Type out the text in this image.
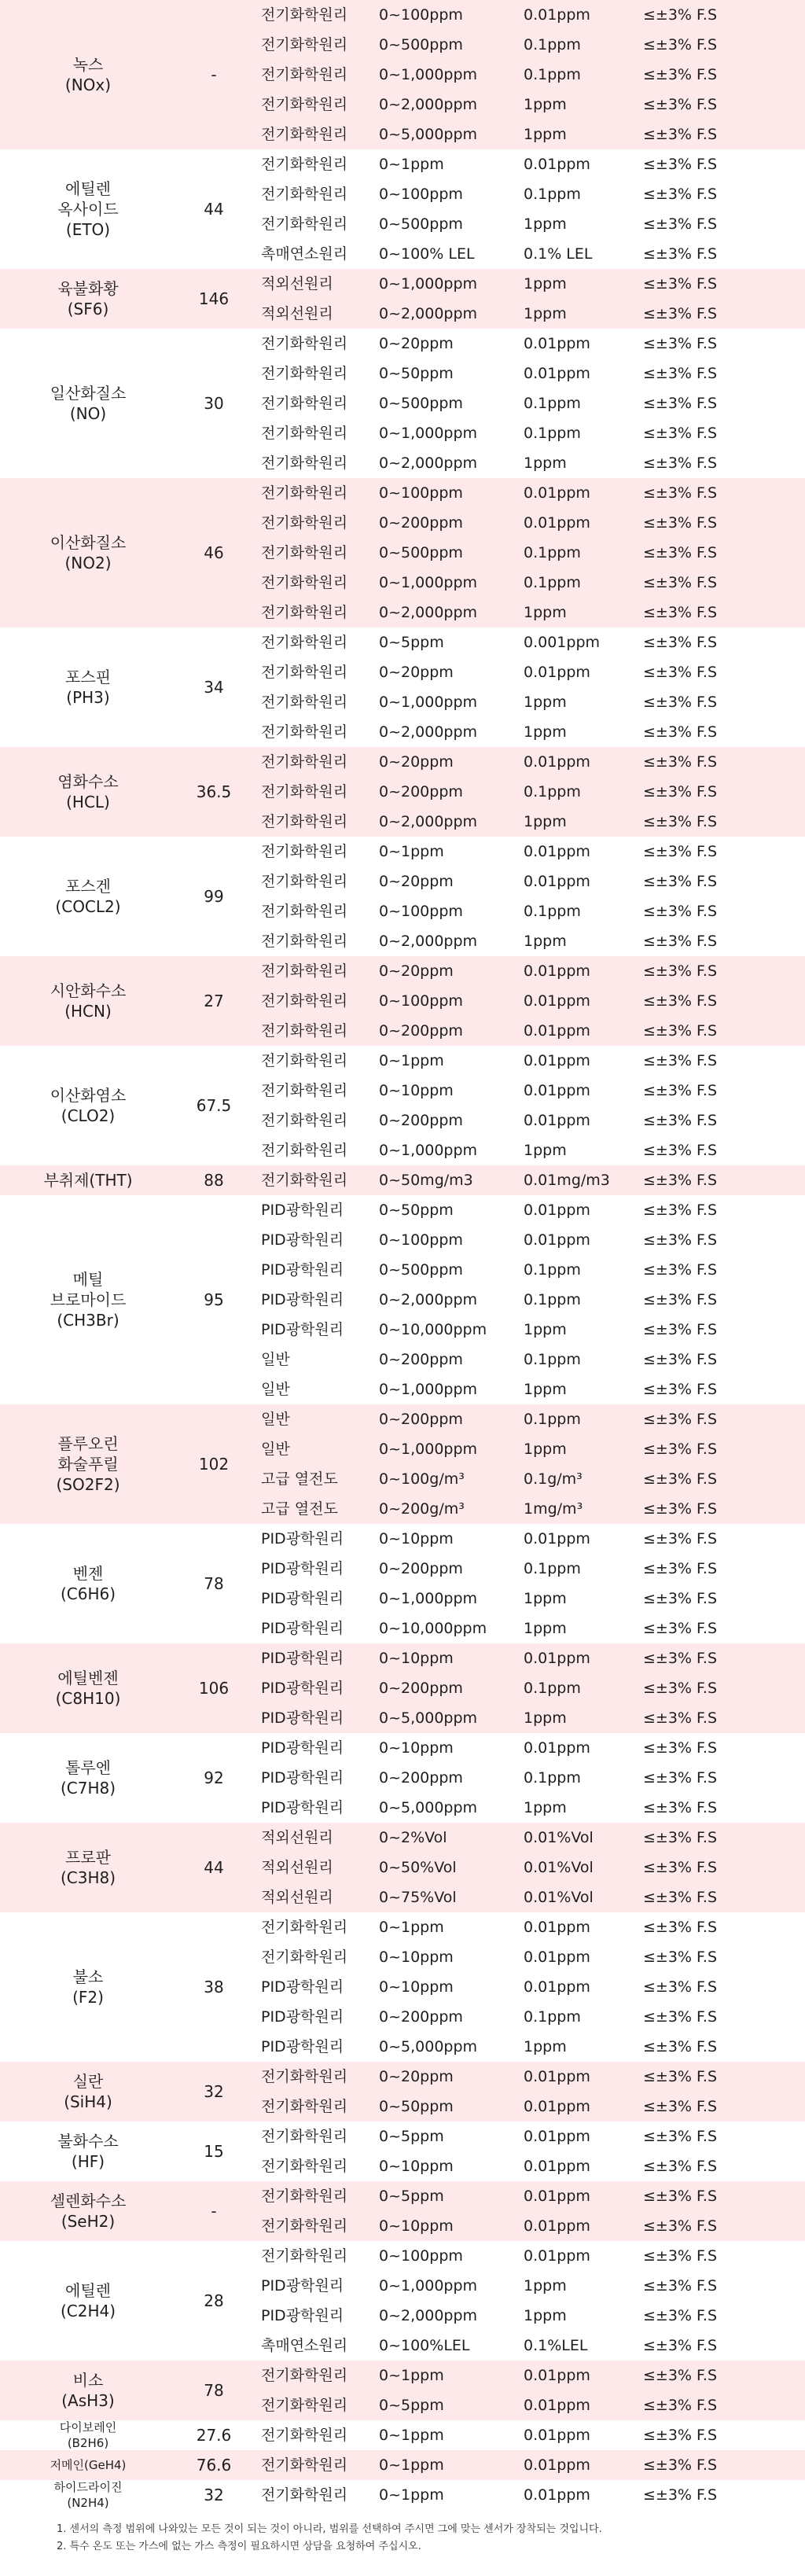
녹스
(NOx)
-
전기화학원리 0~100ppm	0.01ppm	≤±3% F.S
전기화학원리 0~500ppm	0.1ppm	≤±3% F.S
전기화학원리 0~1,000ppm	0.1ppm	≤±3% F.S
전기화학원리 0~2,000ppm	1ppm	≤±3% F.S
전기화학원리 0~5,000ppm	1ppm	≤±3% F.S
에틸렌
옥사이드
(ETO)
44
전기화학원리 0~1ppm	0.01ppm	≤±3% F.S
전기화학원리 0~100ppm	0.1ppm	≤±3% F.S
전기화학원리 0~500ppm	1ppm	≤±3% F.S
촉매연소원리 0~100% LEL	0.1% LEL	≤±3% F.S
육불화황
(SF6)
146
적외선원리	0~1,000ppm	1ppm	≤±3% F.S
적외선원리	0~2,000ppm	1ppm	≤±3% F.S
일산화질소
(NO)
30
전기화학원리 0~20ppm	0.01ppm	≤±3% F.S
전기화학원리 0~50ppm	0.01ppm	≤±3% F.S
전기화학원리 0~500ppm	0.1ppm	≤±3% F.S
전기화학원리 0~1,000ppm	0.1ppm	≤±3% F.S
전기화학원리 0~2,000ppm	1ppm	≤±3% F.S
이산화질소
(NO2)
46
전기화학원리 0~100ppm	0.01ppm	≤±3% F.S
전기화학원리 0~200ppm	0.01ppm	≤±3% F.S
전기화학원리 0~500ppm	0.1ppm	≤±3% F.S
전기화학원리 0~1,000ppm	0.1ppm	≤±3% F.S
전기화학원리 0~2,000ppm	1ppm	≤±3% F.S
포스핀
(PH3)
34
전기화학원리 0~5ppm	0.001ppm	≤±3% F.S
전기화학원리 0~20ppm	0.01ppm	≤±3% F.S
전기화학원리 0~1,000ppm	1ppm	≤±3% F.S
전기화학원리 0~2,000ppm	1ppm	≤±3% F.S
염화수소
(HCL)
36.5
전기화학원리 0~20ppm	0.01ppm	≤±3% F.S
전기화학원리 0~200ppm	0.1ppm	≤±3% F.S
전기화학원리 0~2,000ppm	1ppm	≤±3% F.S
포스겐
(COCL2)
99
전기화학원리 0~1ppm	0.01ppm	≤±3% F.S
전기화학원리 0~20ppm	0.01ppm	≤±3% F.S
전기화학원리 0~100ppm	0.1ppm	≤±3% F.S
전기화학원리 0~2,000ppm	1ppm	≤±3% F.S
시안화수소
(HCN)
27
전기화학원리 0~20ppm	0.01ppm	≤±3% F.S
전기화학원리 0~100ppm	0.01ppm	≤±3% F.S
전기화학원리 0~200ppm	0.01ppm	≤±3% F.S
이산화염소
(CLO2)
67.5
전기화학원리 0~1ppm	0.01ppm	≤±3% F.S
전기화학원리 0~10ppm	0.01ppm	≤±3% F.S
전기화학원리 0~200ppm	0.01ppm	≤±3% F.S
전기화학원리 0~1,000ppm	1ppm	≤±3% F.S
부취제(THT)	88	전기화학원리 0~50mg/m3	0.01mg/m3 ≤±3% F.S
메틸
브로마이드
(CH3Br)
95
PID광학원리 0~50ppm	0.01ppm	≤±3% F.S
PID광학원리 0~100ppm	0.01ppm	≤±3% F.S
PID광학원리 0~500ppm	0.1ppm	≤±3% F.S
PID광학원리 0~2,000ppm	0.1ppm	≤±3% F.S
PID광학원리 0~10,000ppm 1ppm	≤±3% F.S
일반	0~200ppm	0.1ppm	≤±3% F.S
일반	0~1,000ppm	1ppm	≤±3% F.S
플루오린
화술푸릴
(SO2F2)
102
일반	0~200ppm	0.1ppm	≤±3% F.S
일반	0~1,000ppm	1ppm	≤±3% F.S
고급 열전도	0~100g/m³	0.1g/m³	≤±3% F.S
고급 열전도	0~200g/m³	1mg/m³	≤±3% F.S
벤젠
(C6H6)
78
PID광학원리 0~10ppm	0.01ppm	≤±3% F.S
PID광학원리 0~200ppm	0.1ppm	≤±3% F.S
PID광학원리 0~1,000ppm	1ppm	≤±3% F.S
PID광학원리 0~10,000ppm 1ppm	≤±3% F.S
에틸벤젠
(C8H10)
106
PID광학원리 0~10ppm	0.01ppm	≤±3% F.S
PID광학원리 0~200ppm	0.1ppm	≤±3% F.S
PID광학원리 0~5,000ppm	1ppm	≤±3% F.S
톨루엔
(C7H8)
92
PID광학원리 0~10ppm	0.01ppm	≤±3% F.S
PID광학원리 0~200ppm	0.1ppm	≤±3% F.S
PID광학원리 0~5,000ppm	1ppm	≤±3% F.S
프로판
(C3H8)
44
적외선원리	0~2%Vol	0.01%Vol	≤±3% F.S
적외선원리	0~50%Vol	0.01%Vol	≤±3% F.S
적외선원리	0~75%Vol	0.01%Vol	≤±3% F.S
불소
(F2)
38
전기화학원리 0~1ppm	0.01ppm	≤±3% F.S
전기화학원리 0~10ppm	0.01ppm	≤±3% F.S
PID광학원리 0~10ppm	0.01ppm	≤±3% F.S
PID광학원리 0~200ppm	0.1ppm	≤±3% F.S
PID광학원리 0~5,000ppm	1ppm	≤±3% F.S
실란
(SiH4)
32
전기화학원리 0~20ppm	0.01ppm	≤±3% F.S
전기화학원리 0~50ppm	0.01ppm	≤±3% F.S
불화수소
(HF)
15
전기화학원리 0~5ppm	0.01ppm	≤±3% F.S
전기화학원리 0~10ppm	0.01ppm	≤±3% F.S
셀렌화수소
(SeH2)
-
전기화학원리 0~5ppm	0.01ppm	≤±3% F.S
전기화학원리 0~10ppm	0.01ppm	≤±3% F.S
에틸렌
(C2H4)
28
전기화학원리 0~100ppm	0.01ppm	≤±3% F.S
PID광학원리 0~1,000ppm	1ppm	≤±3% F.S
PID광학원리 0~2,000ppm	1ppm	≤±3% F.S
촉매연소원리 0~100%LEL	0.1%LEL	≤±3% F.S
비소
(AsH3)
78
전기화학원리 0~1ppm	0.01ppm	≤±3% F.S
전기화학원리 0~5ppm	0.01ppm	≤±3% F.S
다이보레인
(B2H6)	27.6	전기화학원리 0~1ppm	0.01ppm	≤±3% F.S
저메인(GeH4)	76.6	전기화학원리 0~1ppm	0.01ppm	≤±3% F.S
하이드라이진
(N2H4)	32	전기화학원리 0~1ppm	0.01ppm	≤±3% F.S
1. 센서의 측정 범위에 나와있는 모든 것이 되는 것이 아니라, 범위를 선택하여 주시면 그에 맞는 센서가 장착되는 것입니다.
2. 특수 온도 또는 가스에 없는 가스 측정이 필요하시면 상담을 요청하여 주십시오.
